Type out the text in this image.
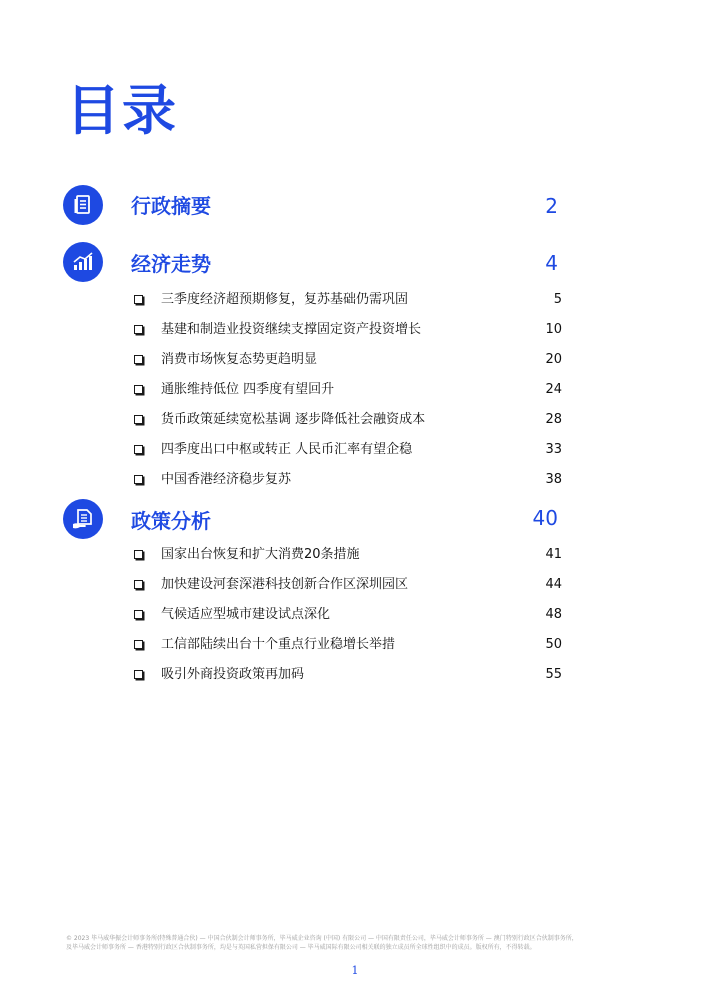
目录
行政摘要	2
经济走势	4
三季度经济超预期修复，复苏基础仍需巩固	5
基建和制造业投资继续支撑固定资产投资增长	10
消费市场恢复态势更趋明显	20
通胀维持低位 四季度有望回升	24
货币政策延续宽松基调 逐步降低社会融资成本	28
四季度出口中枢或转正 人民币汇率有望企稳	33
中国香港经济稳步复苏	38
政策分析	40
国家出台恢复和扩大消费20条措施	41
加快建设河套深港科技创新合作区深圳园区	44
气候适应型城市建设试点深化	48
工信部陆续出台十个重点行业稳增长举措	50
吸引外商投资政策再加码	55
© 2023 毕马威华振会计师事务所(特殊普通合伙) — 中国合伙制会计师事务所，毕马威企业咨询 (中国) 有限公司 — 中国有限责任公司，毕马威会计师事务所 — 澳门特别行政区合伙制事务所，
及毕马威会计师事务所 — 香港特别行政区合伙制事务所，均是与英国私营担保有限公司 — 毕马威国际有限公司相关联的独立成员所全球性组织中的成员。版权所有，不得转载。
1
